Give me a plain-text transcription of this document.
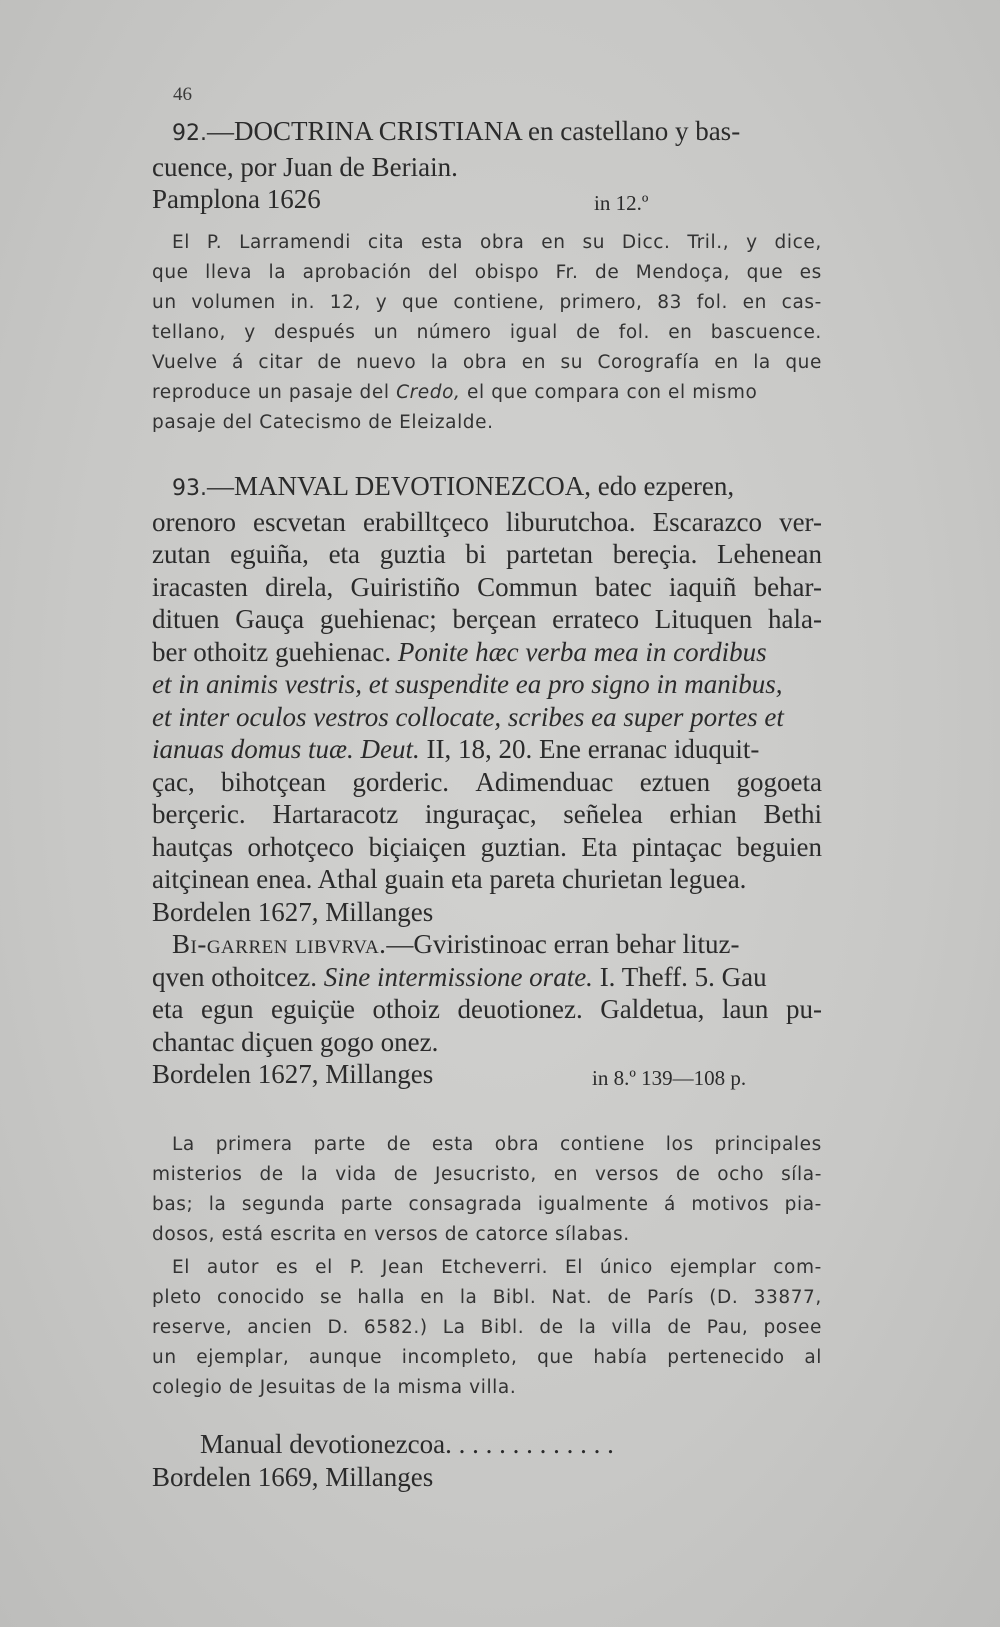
46
92.—DOCTRINA CRISTIANA en castellano y bas-
cuence, por Juan de Beriain.
Pamplona 1626	in 12.º
El P. Larramendi cita esta obra en su Dicc. Tril., y dice,
que lleva la aprobación del obispo Fr. de Mendoça, que es
un volumen in. 12, y que contiene, primero, 83 fol. en cas-
tellano, y después un número igual de fol. en bascuence.
Vuelve á citar de nuevo la obra en su Corografía en la que
reproduce un pasaje del Credo, el que compara con el mismo
pasaje del Catecismo de Eleizalde.
93.—MANVAL DEVOTIONEZCOA, edo ezperen,
orenoro escvetan erabilltçeco liburutchoa. Escarazco ver-
zutan eguiña, eta guztia bi partetan bereçia. Lehenean
iracasten direla, Guiristiño Commun batec iaquiñ behar-
dituen Gauça guehienac; berçean errateco Lituquen hala-
ber othoitz guehienac. Ponite hæc verba mea in cordibus
et in animis vestris, et suspendite ea pro signo in manibus,
et inter oculos vestros collocate, scribes ea super portes et
ianuas domus tuæ. Deut. II, 18, 20. Ene erranac iduquit-
çac, bihotçean gorderic. Adimenduac eztuen gogoeta
berçeric. Hartaracotz inguraçac, señelea erhian Bethi
hautças orhotçeco biçiaiçen guztian. Eta pintaçac beguien
aitçinean enea. Athal guain eta pareta churietan leguea.
Bordelen 1627, Millanges
Bi-garren libvrva.—Gviristinoac erran behar lituz-
qven othoitcez. Sine intermissione orate. I. Theff. 5. Gau
eta egun eguiçüe othoiz deuotionez. Galdetua, laun pu-
chantac diçuen gogo onez.
Bordelen 1627, Millanges	in 8.º 139—108 p.
La primera parte de esta obra contiene los principales
misterios de la vida de Jesucristo, en versos de ocho síla-
bas; la segunda parte consagrada igualmente á motivos pia-
dosos, está escrita en versos de catorce sílabas.
El autor es el P. Jean Etcheverri. El único ejemplar com-
pleto conocido se halla en la Bibl. Nat. de París (D. 33877,
reserve, ancien D. 6582.) La Bibl. de la villa de Pau, posee
un ejemplar, aunque incompleto, que había pertenecido al
colegio de Jesuitas de la misma villa.
Manual devotionezcoa. . . . . . . . . . . . .
Bordelen 1669, Millanges
